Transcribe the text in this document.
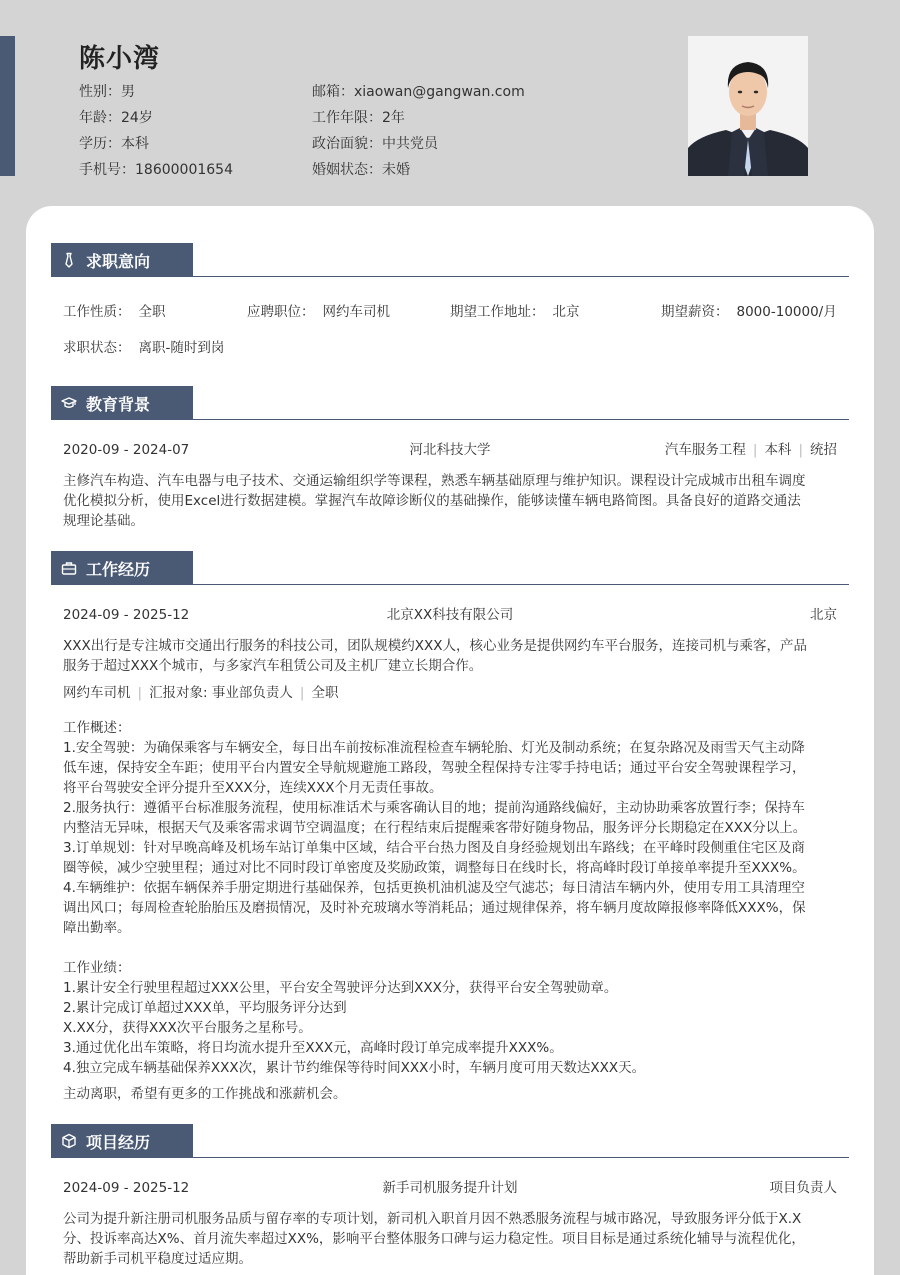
陈小湾
性别：男
年龄：24岁
学历：本科
手机号：18600001654
邮箱：xiaowan@gangwan.com
工作年限：2年
政治面貌：中共党员
婚姻状态：未婚
求职意向
工作性质： 全职	应聘职位： 网约车司机	期望工作地址： 北京	期望薪资： 8000-10000/月
求职状态： 离职-随时到岗
教育背景
2020-09 - 2024-07	河北科技大学	汽车服务工程 | 本科 | 统招
主修汽车构造、汽车电器与电子技术、交通运输组织学等课程，熟悉车辆基础原理与维护知识。课程设计完成城市出租车调度
优化模拟分析，使用Excel进行数据建模。掌握汽车故障诊断仪的基础操作，能够读懂车辆电路简图。具备良好的道路交通法
规理论基础。
工作经历
2024-09 - 2025-12	北京XX科技有限公司	北京
XXX出行是专注城市交通出行服务的科技公司，团队规模约XXX人，核心业务是提供网约车平台服务，连接司机与乘客，产品
服务于超过XXX个城市，与多家汽车租赁公司及主机厂建立长期合作。
网约车司机 | 汇报对象: 事业部负责人 | 全职
工作概述：
1.安全驾驶：为确保乘客与车辆安全，每日出车前按标准流程检查车辆轮胎、灯光及制动系统；在复杂路况及雨雪天气主动降
低车速，保持安全车距；使用平台内置安全导航规避施工路段，驾驶全程保持专注零手持电话；通过平台安全驾驶课程学习，
将平台驾驶安全评分提升至XXX分，连续XXX个月无责任事故。
2.服务执行：遵循平台标准服务流程，使用标准话术与乘客确认目的地；提前沟通路线偏好，主动协助乘客放置行李；保持车
内整洁无异味，根据天气及乘客需求调节空调温度；在行程结束后提醒乘客带好随身物品，服务评分长期稳定在XXX分以上。
3.订单规划：针对早晚高峰及机场车站订单集中区域，结合平台热力图及自身经验规划出车路线；在平峰时段侧重住宅区及商
圈等候，减少空驶里程；通过对比不同时段订单密度及奖励政策，调整每日在线时长，将高峰时段订单接单率提升至XXX%。
4.车辆维护：依据车辆保养手册定期进行基础保养，包括更换机油机滤及空气滤芯；每日清洁车辆内外，使用专用工具清理空
调出风口；每周检查轮胎胎压及磨损情况，及时补充玻璃水等消耗品；通过规律保养，将车辆月度故障报修率降低XXX%，保
障出勤率。
工作业绩：
1.累计安全行驶里程超过XXX公里，平台安全驾驶评分达到XXX分，获得平台安全驾驶勋章。
2.累计完成订单超过XXX单，平均服务评分达到
X.XX分，获得XXX次平台服务之星称号。
3.通过优化出车策略，将日均流水提升至XXX元，高峰时段订单完成率提升XXX%。
4.独立完成车辆基础保养XXX次，累计节约维保等待时间XXX小时，车辆月度可用天数达XXX天。
主动离职，希望有更多的工作挑战和涨薪机会。
项目经历
2024-09 - 2025-12	新手司机服务提升计划	项目负责人
公司为提升新注册司机服务品质与留存率的专项计划，新司机入职首月因不熟悉服务流程与城市路况，导致服务评分低于X.X
分、投诉率高达X%、首月流失率超过XX%，影响平台整体服务口碑与运力稳定性。项目目标是通过系统化辅导与流程优化，
帮助新手司机平稳度过适应期。
